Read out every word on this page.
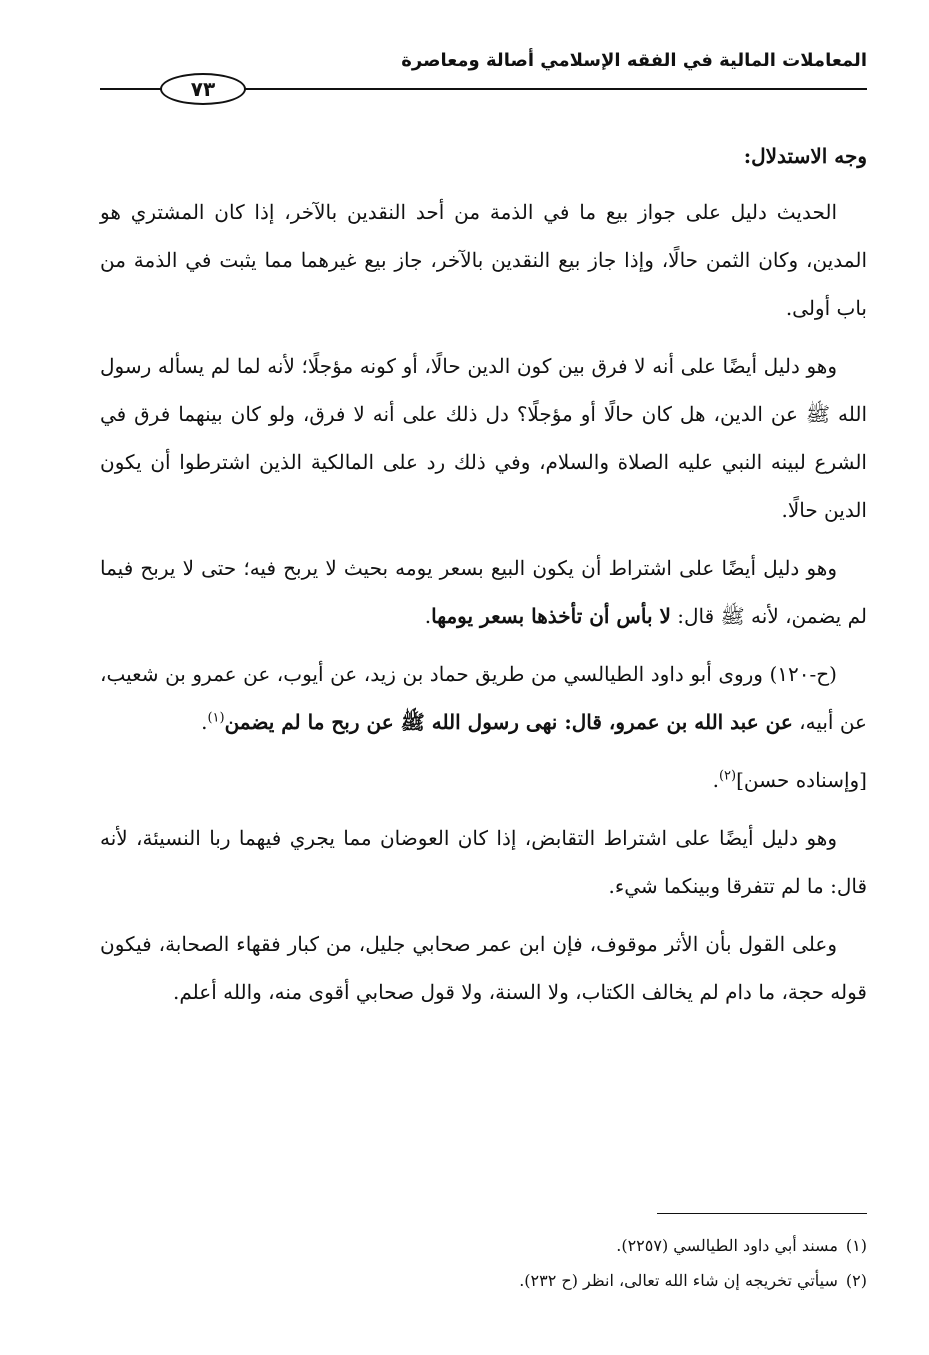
المعاملات المالية في الفقه الإسلامي أصالة ومعاصرة
٧٣

وجه الاستدلال:

الحديث دليل على جواز بيع ما في الذمة من أحد النقدين بالآخر، إذا كان المشتري هو المدين، وكان الثمن حالًا، وإذا جاز بيع النقدين بالآخر، جاز بيع غيرهما مما يثبت في الذمة من باب أولى.

وهو دليل أيضًا على أنه لا فرق بين كون الدين حالًا، أو كونه مؤجلًا؛ لأنه لما لم يسأله رسول الله ﷺ عن الدين، هل كان حالًا أو مؤجلًا؟ دل ذلك على أنه لا فرق، ولو كان بينهما فرق في الشرع لبينه النبي عليه الصلاة والسلام، وفي ذلك رد على المالكية الذين اشترطوا أن يكون الدين حالًا.

وهو دليل أيضًا على اشتراط أن يكون البيع بسعر يومه بحيث لا يربح فيه؛ حتى لا يربح فيما لم يضمن، لأنه ﷺ قال: لا بأس أن تأخذها بسعر يومها.

(ح-١٢٠) وروى أبو داود الطيالسي من طريق حماد بن زيد، عن أيوب، عن عمرو بن شعيب، عن أبيه، عن عبد الله بن عمرو، قال: نهى رسول الله ﷺ عن ربح ما لم يضمن$^{(١)}$.

[وإسناده حسن]$^{(٢)}$.

وهو دليل أيضًا على اشتراط التقابض، إذا كان العوضان مما يجري فيهما ربا النسيئة، لأنه قال: ما لم تتفرقا وبينكما شيء.

وعلى القول بأن الأثر موقوف، فإن ابن عمر صحابي جليل، من كبار فقهاء الصحابة، فيكون قوله حجة، ما دام لم يخالف الكتاب، ولا السنة، ولا قول صحابي أقوى منه، والله أعلم.

(١)مسند أبي داود الطيالسي (٢٢٥٧).

(٢)سيأتي تخريجه إن شاء الله تعالى، انظر (ح ٢٣٢).
